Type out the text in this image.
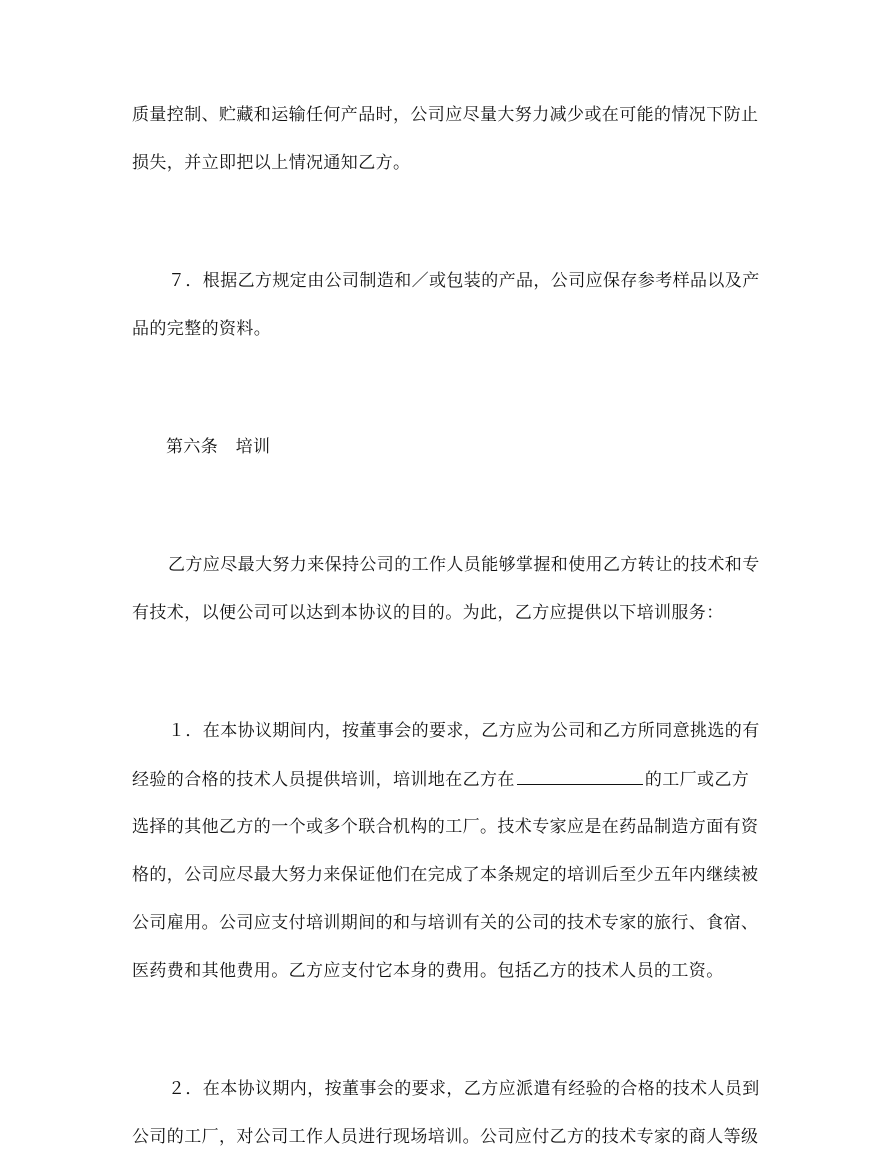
质量控制、贮藏和运输任何产品时，公司应尽量大努力减少或在可能的情况下防止
损失，并立即把以上情况通知乙方。
７．根据乙方规定由公司制造和／或包装的产品，公司应保存参考样品以及产
品的完整的资料。
第六条　培训
乙方应尽最大努力来保持公司的工作人员能够掌握和使用乙方转让的技术和专
有技术，以便公司可以达到本协议的目的。为此，乙方应提供以下培训服务：
１．在本协议期间内，按董事会的要求，乙方应为公司和乙方所同意挑选的有
经验的合格的技术人员提供培训，培训地在乙方在	的工厂或乙方
选择的其他乙方的一个或多个联合机构的工厂。技术专家应是在药品制造方面有资
格的，公司应尽最大努力来保证他们在完成了本条规定的培训后至少五年内继续被
公司雇用。公司应支付培训期间的和与培训有关的公司的技术专家的旅行、食宿、
医药费和其他费用。乙方应支付它本身的费用。包括乙方的技术人员的工资。
２．在本协议期内，按董事会的要求，乙方应派遣有经验的合格的技术人员到
公司的工厂，对公司工作人员进行现场培训。公司应付乙方的技术专家的商人等级
